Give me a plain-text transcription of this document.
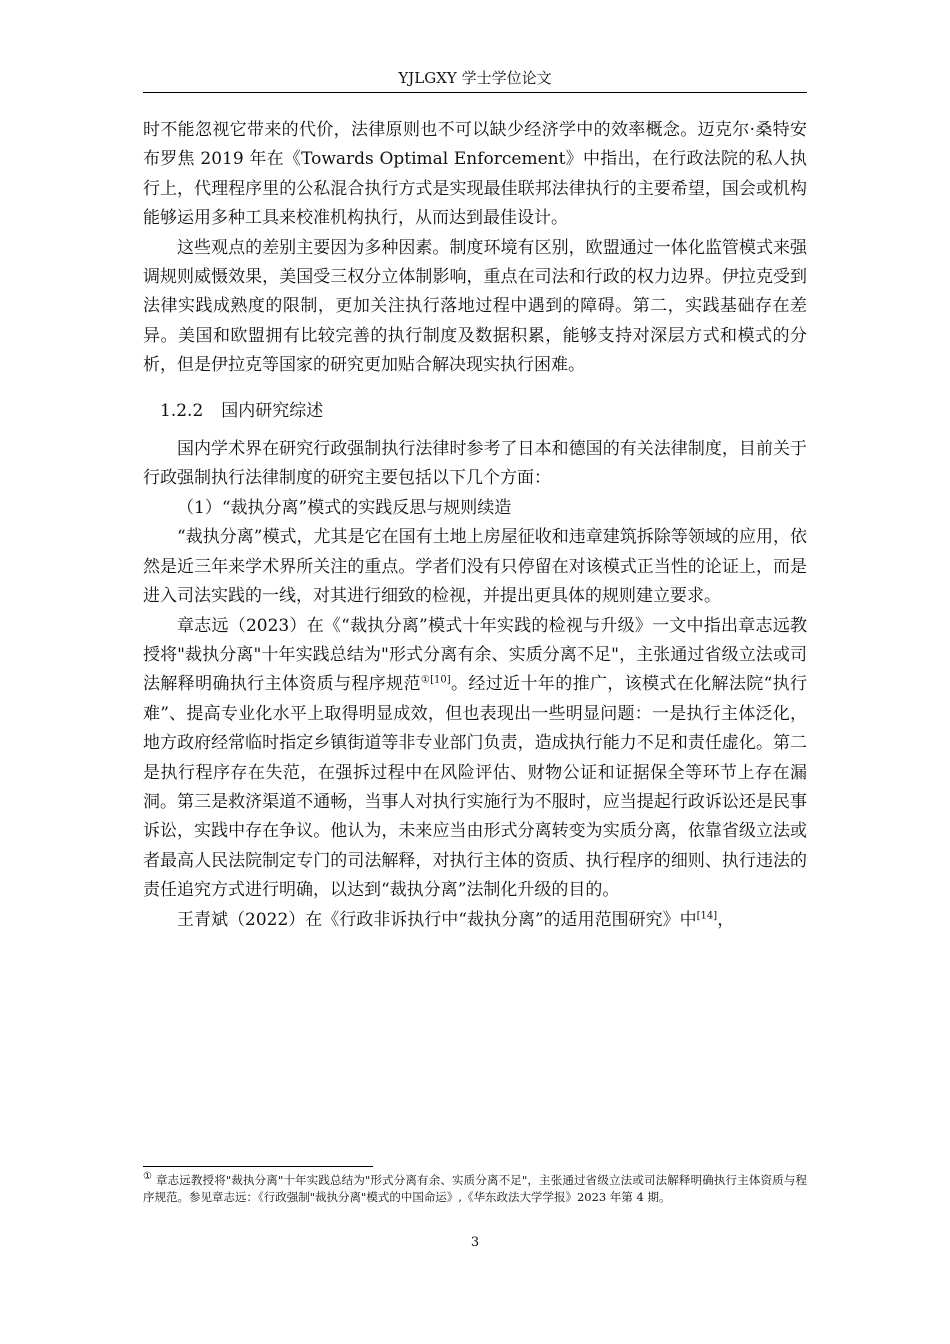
YJLGXY 学士学位论文

时不能忽视它带来的代价，法律原则也不可以缺少经济学中的效率概念。迈克尔·桑特安布罗焦 2019 年在《Towards Optimal Enforcement》中指出，在行政法院的私人执行上，代理程序里的公私混合执行方式是实现最佳联邦法律执行的主要希望，国会或机构能够运用多种工具来校准机构执行，从而达到最佳设计。

这些观点的差别主要因为多种因素。制度环境有区别，欧盟通过一体化监管模式来强调规则威慑效果，美国受三权分立体制影响，重点在司法和行政的权力边界。伊拉克受到法律实践成熟度的限制，更加关注执行落地过程中遇到的障碍。第二，实践基础存在差异。美国和欧盟拥有比较完善的执行制度及数据积累，能够支持对深层方式和模式的分析，但是伊拉克等国家的研究更加贴合解决现实执行困难。

1.2.2 国内研究综述

国内学术界在研究行政强制执行法律时参考了日本和德国的有关法律制度，目前关于行政强制执行法律制度的研究主要包括以下几个方面：

（1）“裁执分离”模式的实践反思与规则续造

“裁执分离”模式，尤其是它在国有土地上房屋征收和违章建筑拆除等领域的应用，依然是近三年来学术界所关注的重点。学者们没有只停留在对该模式正当性的论证上，而是进入司法实践的一线，对其进行细致的检视，并提出更具体的规则建立要求。

章志远（2023）在《“裁执分离”模式十年实践的检视与升级》一文中指出章志远教授将"裁执分离"十年实践总结为"形式分离有余、实质分离不足"，主张通过省级立法或司法解释明确执行主体资质与程序规范$^{①[10]}$。经过近十年的推广，该模式在化解法院“执行难”、提高专业化水平上取得明显成效，但也表现出一些明显问题：一是执行主体泛化，地方政府经常临时指定乡镇街道等非专业部门负责，造成执行能力不足和责任虚化。第二是执行程序存在失范，在强拆过程中在风险评估、财物公证和证据保全等环节上存在漏洞。第三是救济渠道不通畅，当事人对执行实施行为不服时，应当提起行政诉讼还是民事诉讼，实践中存在争议。他认为，未来应当由形式分离转变为实质分离，依靠省级立法或者最高人民法院制定专门的司法解释，对执行主体的资质、执行程序的细则、执行违法的责任追究方式进行明确，以达到“裁执分离”法制化升级的目的。

王青斌（2022）在《行政非诉执行中“裁执分离”的适用范围研究》中[14]，

① 章志远教授将"裁执分离"十年实践总结为"形式分离有余、实质分离不足"，主张通过省级立法或司法解释明确执行主体资质与程序规范。参见章志远：《行政强制"裁执分离"模式的中国命运》,《华东政法大学学报》2023 年第 4 期。
3
